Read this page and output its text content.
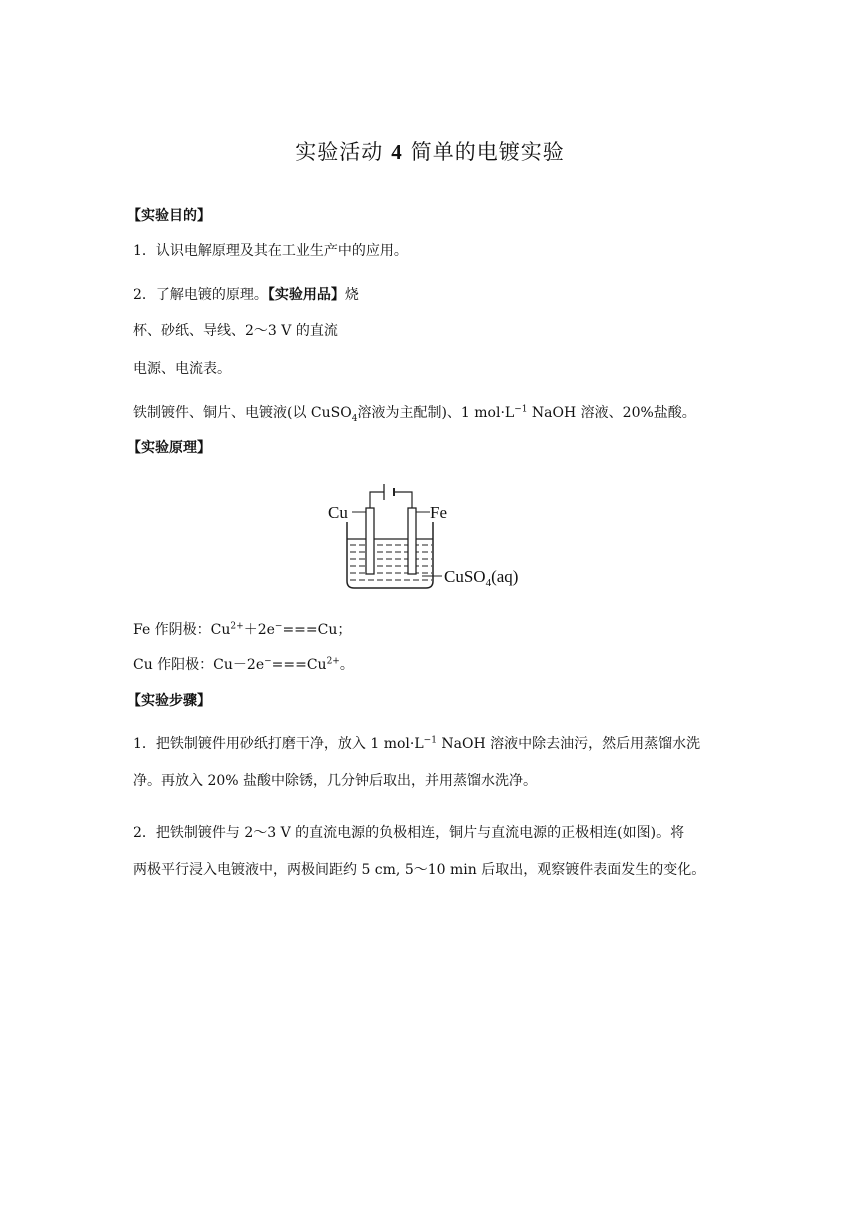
实验活动 4 简单的电镀实验
【实验目的】
1．认识电解原理及其在工业生产中的应用。
2．了解电镀的原理。【实验用品】烧
杯、砂纸、导线、2～3 V 的直流
电源、电流表。
铁制镀件、铜片、电镀液(以 CuSO$_4$溶液为主配制)、1 $mol\cdot L^{-1}$ NaOH 溶液、20%盐酸。
【实验原理】
Cu	Fe
CuSO$_4$(aq)
Fe 作阴极：$Cu^{2+}+2e^-===Cu$；
Cu 作阳极：$Cu-2e^-===Cu^{2+}$。
【实验步骤】
1．把铁制镀件用砂纸打磨干净，放入 1 $mol\cdot L^{-1}$ NaOH 溶液中除去油污，然后用蒸馏水洗
净。再放入 20% 盐酸中除锈，几分钟后取出，并用蒸馏水洗净。
2．把铁制镀件与 2～3 V 的直流电源的负极相连，铜片与直流电源的正极相连(如图)。将
两极平行浸入电镀液中，两极间距约 5 cm, 5～10 min 后取出，观察镀件表面发生的变化。
